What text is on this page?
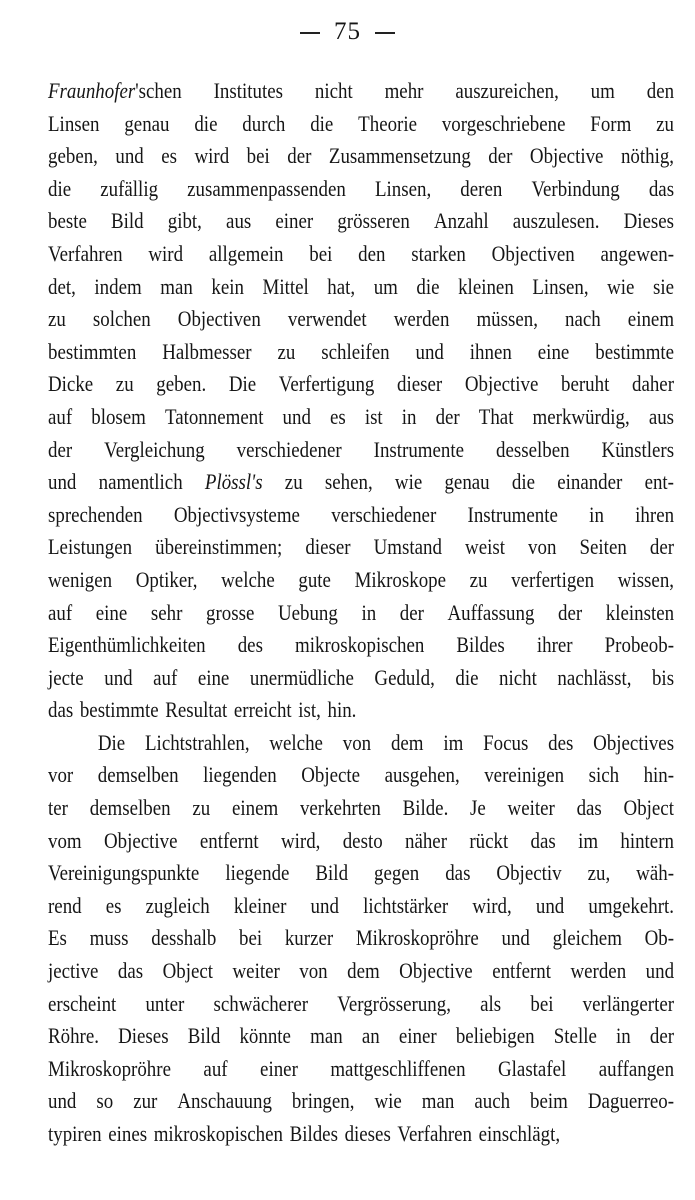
75
Fraunhofer'schen Institutes nicht mehr auszureichen, um den
Linsen genau die durch die Theorie vorgeschriebene Form zu
geben, und es wird bei der Zusammensetzung der Objective nöthig,
die zufällig zusammenpassenden Linsen, deren Verbindung das
beste Bild gibt, aus einer grösseren Anzahl auszulesen. Dieses
Verfahren wird allgemein bei den starken Objectiven angewen-
det, indem man kein Mittel hat, um die kleinen Linsen, wie sie
zu solchen Objectiven verwendet werden müssen, nach einem
bestimmten Halbmesser zu schleifen und ihnen eine bestimmte
Dicke zu geben. Die Verfertigung dieser Objective beruht daher
auf blosem Tatonnement und es ist in der That merkwürdig, aus
der Vergleichung verschiedener Instrumente desselben Künstlers
und namentlich Plössl's zu sehen, wie genau die einander ent-
sprechenden Objectivsysteme verschiedener Instrumente in ihren
Leistungen übereinstimmen; dieser Umstand weist von Seiten der
wenigen Optiker, welche gute Mikroskope zu verfertigen wissen,
auf eine sehr grosse Uebung in der Auffassung der kleinsten
Eigenthümlichkeiten des mikroskopischen Bildes ihrer Probeob-
jecte und auf eine unermüdliche Geduld, die nicht nachlässt, bis
das bestimmte Resultat erreicht ist, hin.
Die Lichtstrahlen, welche von dem im Focus des Objectives
vor demselben liegenden Objecte ausgehen, vereinigen sich hin-
ter demselben zu einem verkehrten Bilde. Je weiter das Object
vom Objective entfernt wird, desto näher rückt das im hintern
Vereinigungspunkte liegende Bild gegen das Objectiv zu, wäh-
rend es zugleich kleiner und lichtstärker wird, und umgekehrt.
Es muss desshalb bei kurzer Mikroskopröhre und gleichem Ob-
jective das Object weiter von dem Objective entfernt werden und
erscheint unter schwächerer Vergrösserung, als bei verlängerter
Röhre. Dieses Bild könnte man an einer beliebigen Stelle in der
Mikroskopröhre auf einer mattgeschliffenen Glastafel auffangen
und so zur Anschauung bringen, wie man auch beim Daguerreo-
typiren eines mikroskopischen Bildes dieses Verfahren einschlägt,
